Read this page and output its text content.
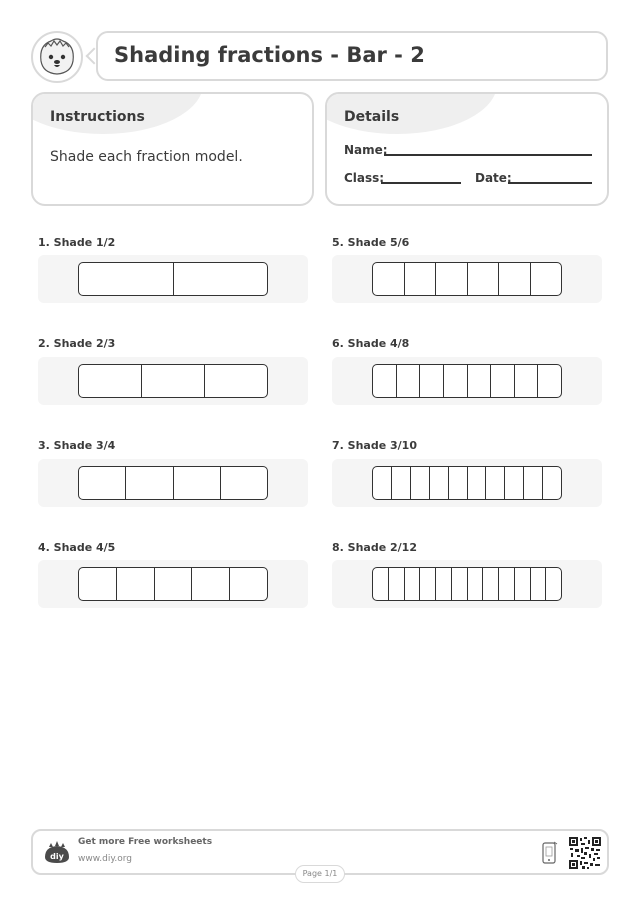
Shading fractions - Bar - 2
Instructions
Shade each fraction model.
Details
Name:
Class:	Date:
1. Shade 1/2
2. Shade 2/3
3. Shade 3/4
4. Shade 4/5
5. Shade 5/6
6. Shade 4/8
7. Shade 3/10
8. Shade 2/12
diy
Get more Free worksheets
www.diy.org
Page 1/1
